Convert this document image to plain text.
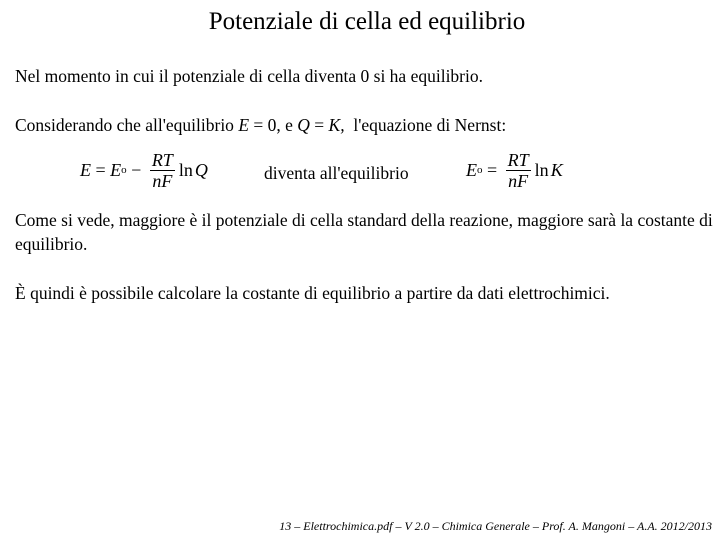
Potenziale di cella ed equilibrio
Nel momento in cui il potenziale di cella diventa 0 si ha equilibrio.
Considerando che all'equilibrio E = 0, e Q = K,  l'equazione di Nernst:
E = E $o - \frac{RT}{nF}$ ln Q	diventa all'equilibrio	E $o = \frac{RT}{nF}$ ln K
Come si vede, maggiore è il potenziale di cella standard della reazione, maggiore sarà la costante di equilibrio.
È quindi è possibile calcolare la costante di equilibrio a partire da dati elettrochimici.
13 – Elettrochimica.pdf – V 2.0 – Chimica Generale – Prof. A. Mangoni – A.A. 2012/2013
